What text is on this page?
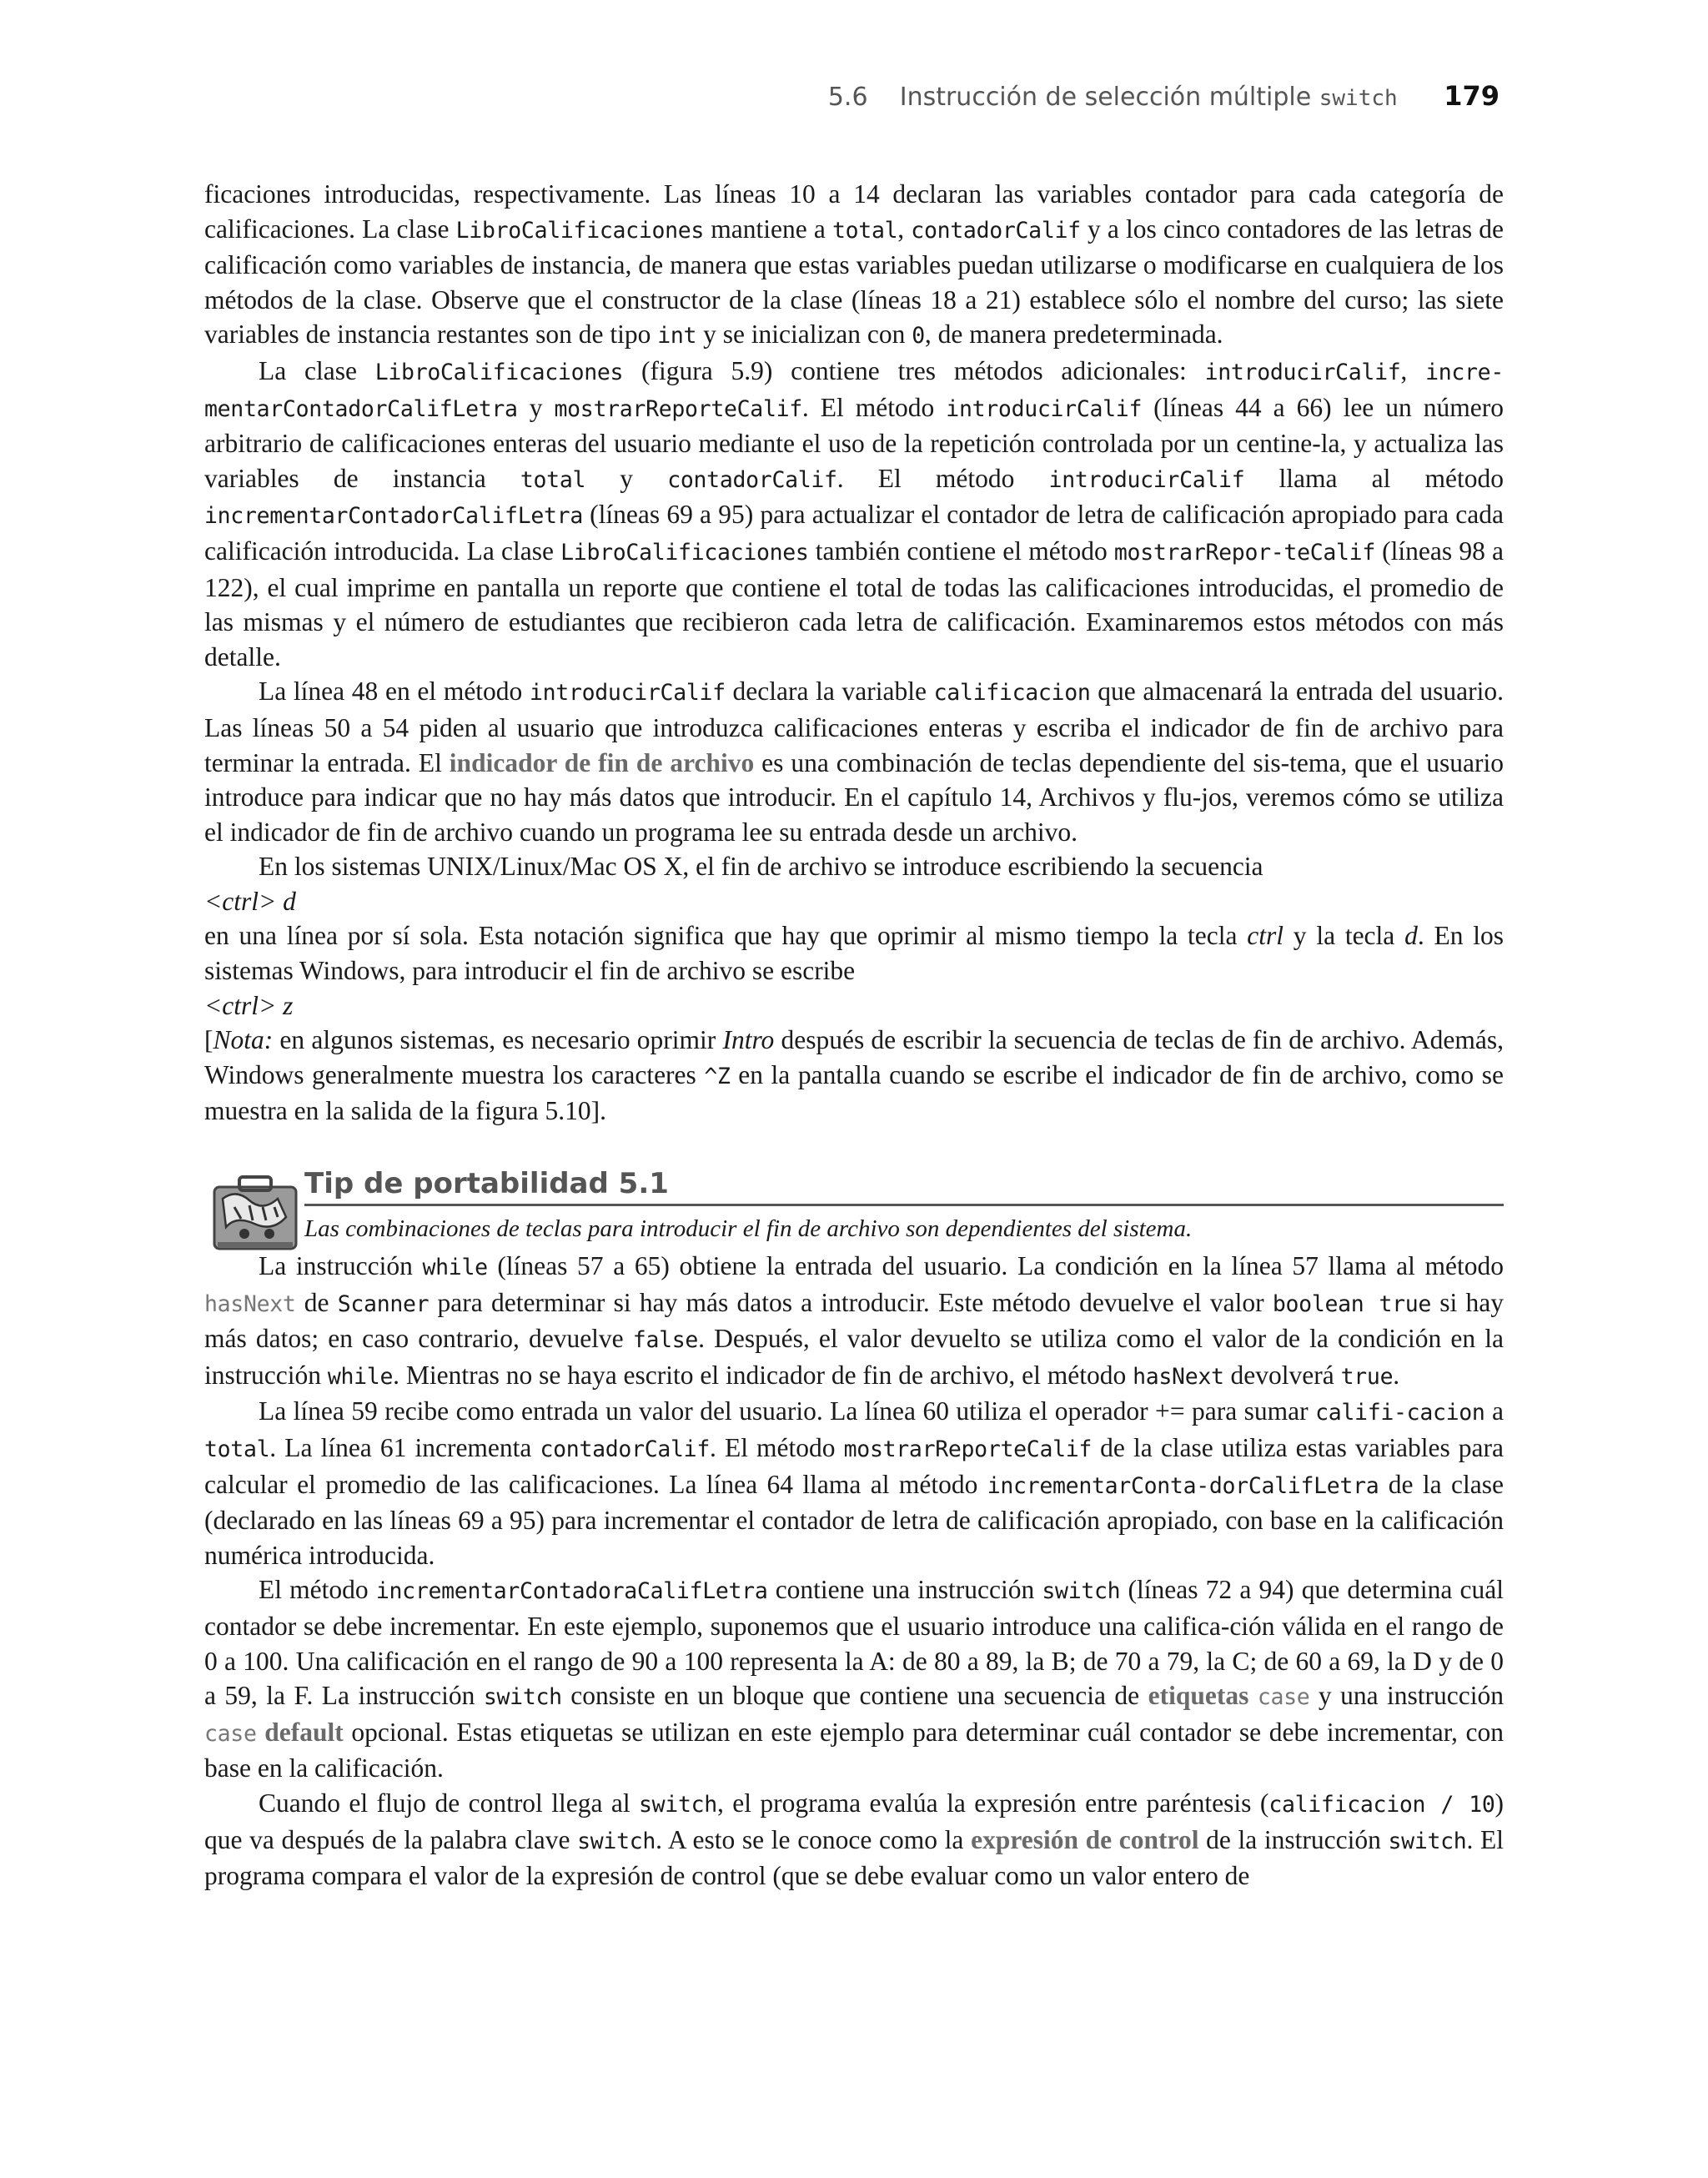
5.6 Instrucción de selección múltiple switch 179

ficaciones introducidas, respectivamente. Las líneas 10 a 14 declaran las variables contador para cada categoría de calificaciones. La clase LibroCalificaciones mantiene a total, contadorCalif y a los cinco contadores de las letras de calificación como variables de instancia, de manera que estas variables puedan utilizarse o modificarse en cualquiera de los métodos de la clase. Observe que el constructor de la clase (líneas 18 a 21) establece sólo el nombre del curso; las siete variables de instancia restantes son de tipo int y se inicializan con 0, de manera predeterminada.

La clase LibroCalificaciones (figura 5.9) contiene tres métodos adicionales: introducirCalif, incre-mentarContadorCalifLetra y mostrarReporteCalif. El método introducirCalif (líneas 44 a 66) lee un número arbitrario de calificaciones enteras del usuario mediante el uso de la repetición controlada por un centine-la, y actualiza las variables de instancia total y contadorCalif. El método introducirCalif llama al método incrementarContadorCalifLetra (líneas 69 a 95) para actualizar el contador de letra de calificación apropiado para cada calificación introducida. La clase LibroCalificaciones también contiene el método mostrarRepor-teCalif (líneas 98 a 122), el cual imprime en pantalla un reporte que contiene el total de todas las calificaciones introducidas, el promedio de las mismas y el número de estudiantes que recibieron cada letra de calificación. Examinaremos estos métodos con más detalle.

La línea 48 en el método introducirCalif declara la variable calificacion que almacenará la entrada del usuario. Las líneas 50 a 54 piden al usuario que introduzca calificaciones enteras y escriba el indicador de fin de archivo para terminar la entrada. El indicador de fin de archivo es una combinación de teclas dependiente del sis-tema, que el usuario introduce para indicar que no hay más datos que introducir. En el capítulo 14, Archivos y flu-jos, veremos cómo se utiliza el indicador de fin de archivo cuando un programa lee su entrada desde un archivo.

En los sistemas UNIX/Linux/Mac OS X, el fin de archivo se introduce escribiendo la secuencia

<ctrl> d

en una línea por sí sola. Esta notación significa que hay que oprimir al mismo tiempo la tecla ctrl y la tecla d. En los sistemas Windows, para introducir el fin de archivo se escribe

<ctrl> z

[Nota: en algunos sistemas, es necesario oprimir Intro después de escribir la secuencia de teclas de fin de archivo. Además, Windows generalmente muestra los caracteres ^Z en la pantalla cuando se escribe el indicador de fin de archivo, como se muestra en la salida de la figura 5.10].

Tip de portabilidad 5.1
Las combinaciones de teclas para introducir el fin de archivo son dependientes del sistema.

La instrucción while (líneas 57 a 65) obtiene la entrada del usuario. La condición en la línea 57 llama al método hasNext de Scanner para determinar si hay más datos a introducir. Este método devuelve el valor boolean true si hay más datos; en caso contrario, devuelve false. Después, el valor devuelto se utiliza como el valor de la condición en la instrucción while. Mientras no se haya escrito el indicador de fin de archivo, el método hasNext devolverá true.

La línea 59 recibe como entrada un valor del usuario. La línea 60 utiliza el operador += para sumar califi-cacion a total. La línea 61 incrementa contadorCalif. El método mostrarReporteCalif de la clase utiliza estas variables para calcular el promedio de las calificaciones. La línea 64 llama al método incrementarConta-dorCalifLetra de la clase (declarado en las líneas 69 a 95) para incrementar el contador de letra de calificación apropiado, con base en la calificación numérica introducida.

El método incrementarContadoraCalifLetra contiene una instrucción switch (líneas 72 a 94) que determina cuál contador se debe incrementar. En este ejemplo, suponemos que el usuario introduce una califica-ción válida en el rango de 0 a 100. Una calificación en el rango de 90 a 100 representa la A: de 80 a 89, la B; de 70 a 79, la C; de 60 a 69, la D y de 0 a 59, la F. La instrucción switch consiste en un bloque que contiene una secuencia de etiquetas case y una instrucción case default opcional. Estas etiquetas se utilizan en este ejemplo para determinar cuál contador se debe incrementar, con base en la calificación.

Cuando el flujo de control llega al switch, el programa evalúa la expresión entre paréntesis (calificacion / 10) que va después de la palabra clave switch. A esto se le conoce como la expresión de control de la instrucción switch. El programa compara el valor de la expresión de control (que se debe evaluar como un valor entero de
